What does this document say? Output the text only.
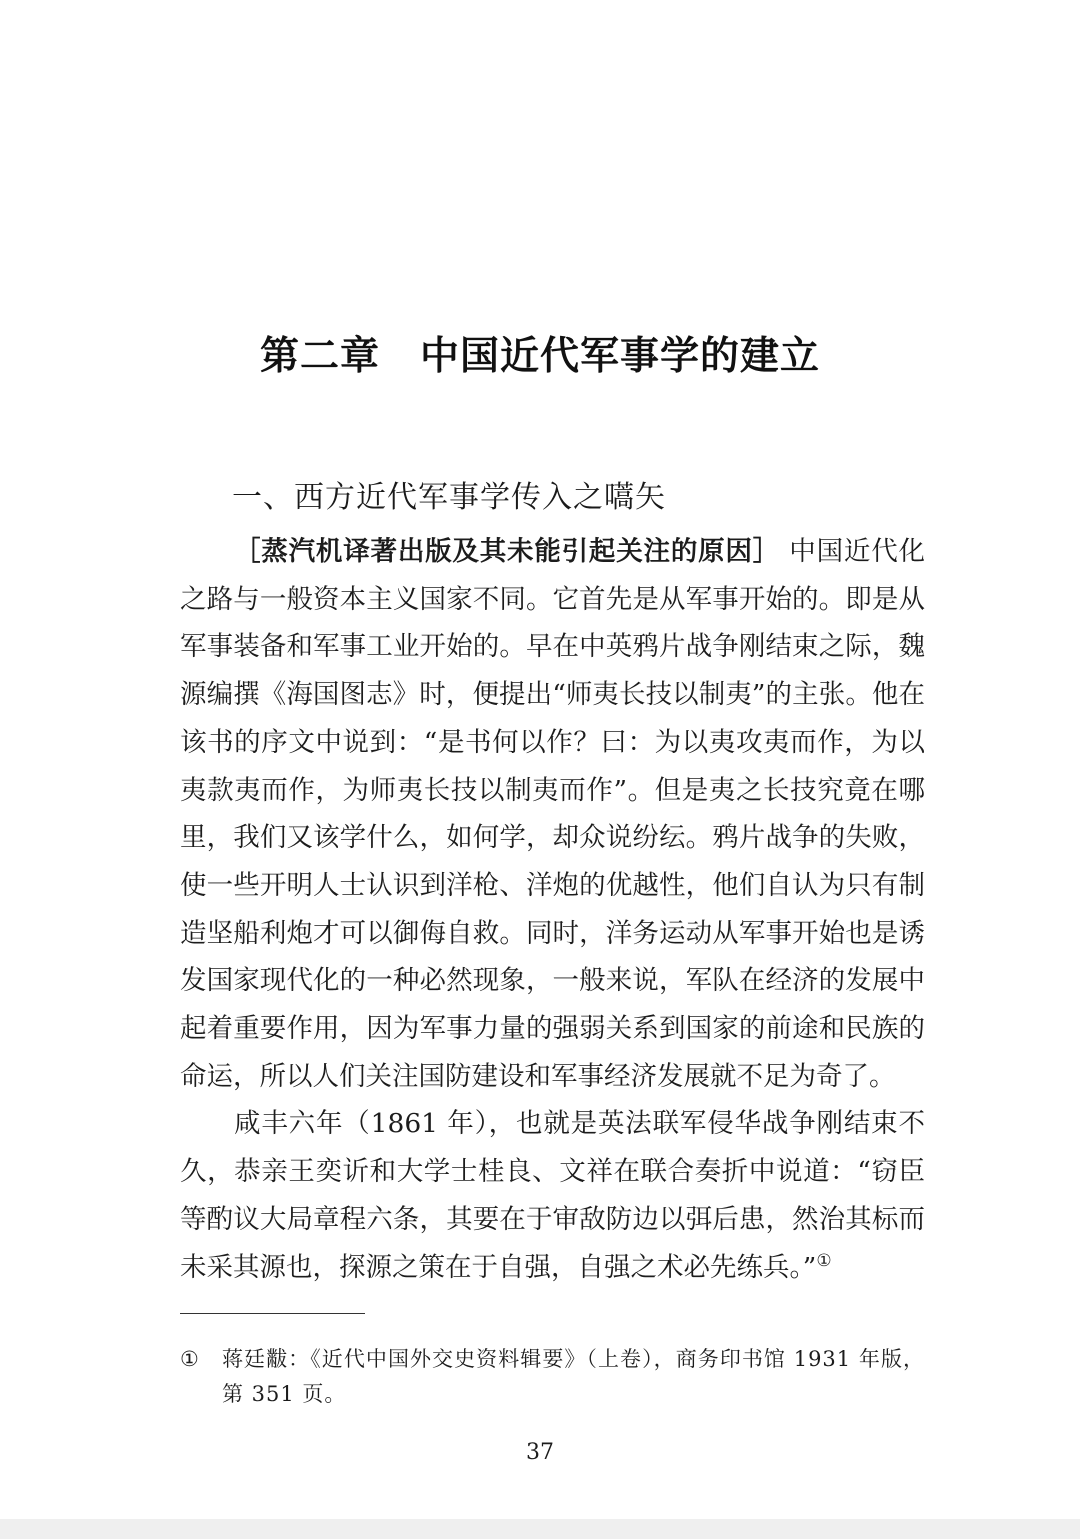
第二章 中国近代军事学的建立
一、西方近代军事学传入之嚆矢

［蒸汽机译著出版及其未能引起关注的原因］ 中国近代化之路与一般资本主义国家不同。它首先是从军事开始的。即是从军事装备和军事工业开始的。早在中英鸦片战争刚结束之际，魏源编撰《海国图志》时，便提出“师夷长技以制夷”的主张。他在该书的序文中说到：“是书何以作？曰：为以夷攻夷而作，为以夷款夷而作，为师夷长技以制夷而作”。但是夷之长技究竟在哪里，我们又该学什么，如何学，却众说纷纭。鸦片战争的失败，使一些开明人士认识到洋枪、洋炮的优越性，他们自认为只有制造坚船利炮才可以御侮自救。同时，洋务运动从军事开始也是诱发国家现代化的一种必然现象，一般来说，军队在经济的发展中起着重要作用，因为军事力量的强弱关系到国家的前途和民族的命运，所以人们关注国防建设和军事经济发展就不足为奇了。

咸丰六年（1861 年），也就是英法联军侵华战争刚结束不久，恭亲王奕䜣和大学士桂良、文祥在联合奏折中说道：“窃臣等酌议大局章程六条，其要在于审敌防边以弭后患，然治其标而未采其源也，探源之策在于自强，自强之术必先练兵。”①

① 蒋廷黻：《近代中国外交史资料辑要》（上卷），商务印书馆 1931 年版，第 351 页。
37
